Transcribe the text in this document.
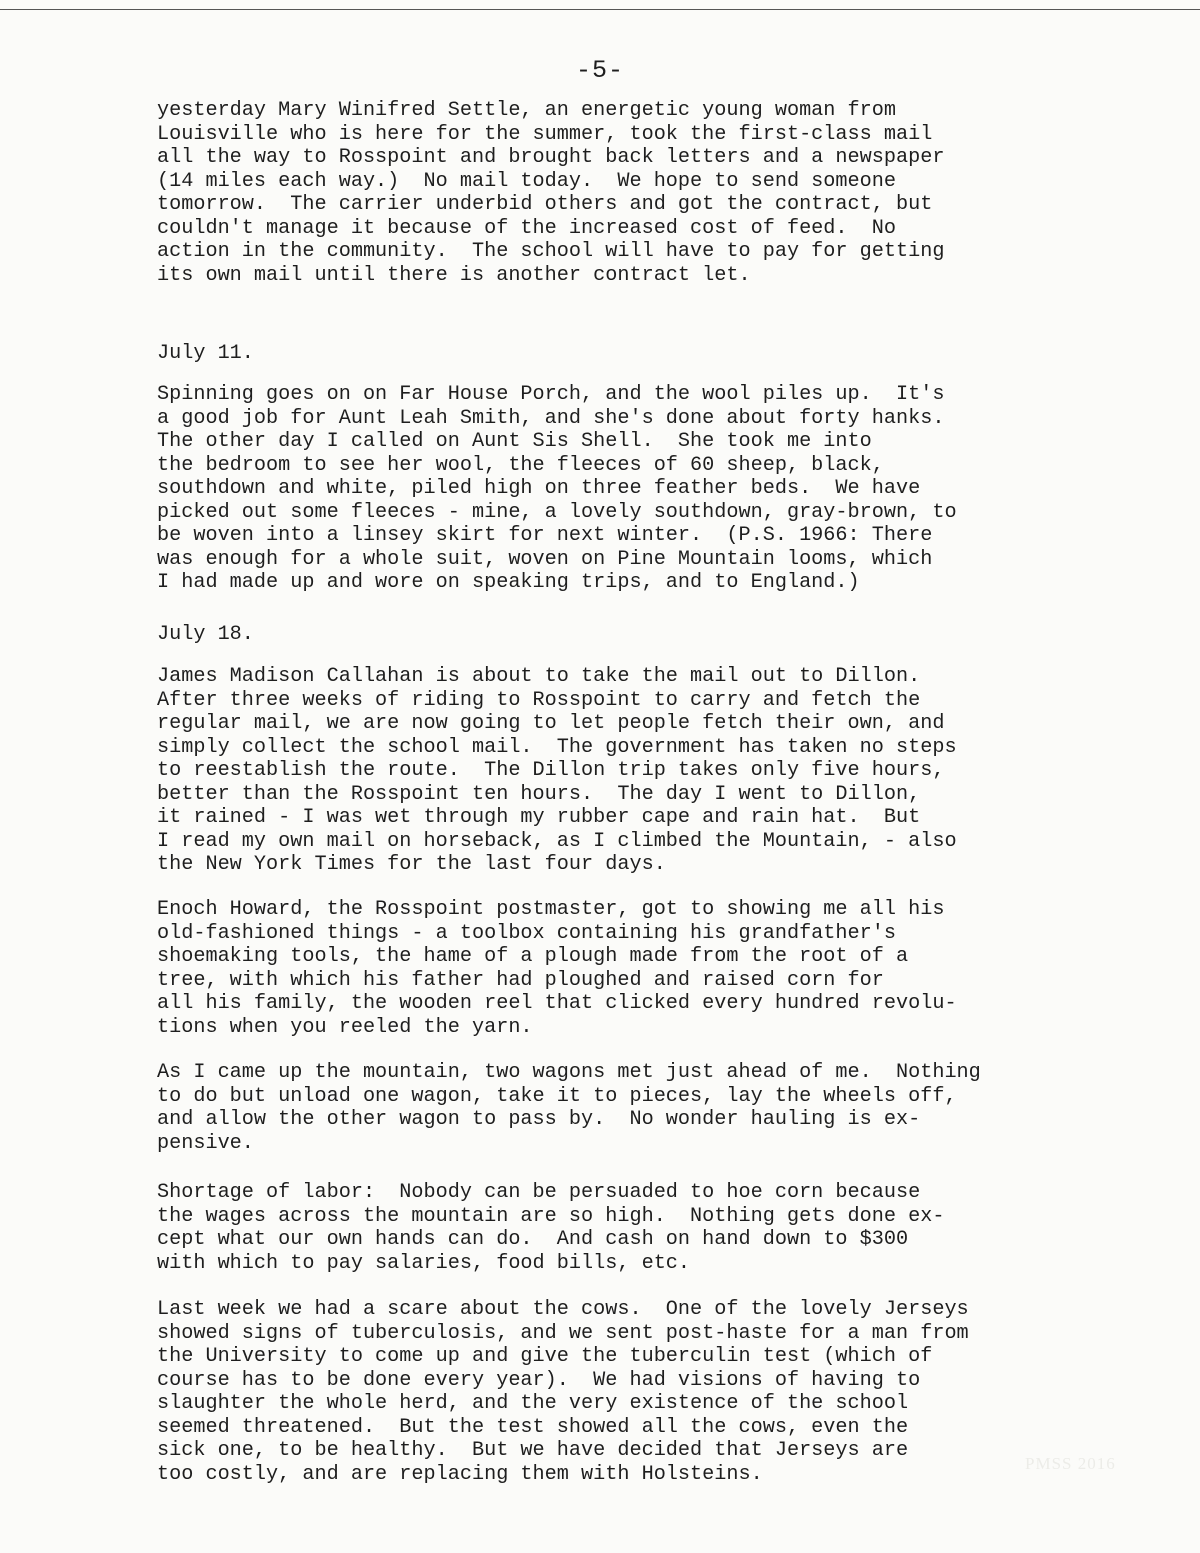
-5-
yesterday Mary Winifred Settle, an energetic young woman from
Louisville who is here for the summer, took the first-class mail
all the way to Rosspoint and brought back letters and a newspaper
(14 miles each way.)  No mail today.  We hope to send someone
tomorrow.  The carrier underbid others and got the contract, but
couldn't manage it because of the increased cost of feed.  No
action in the community.  The school will have to pay for getting
its own mail until there is another contract let.
July 11.
Spinning goes on on Far House Porch, and the wool piles up.  It's
a good job for Aunt Leah Smith, and she's done about forty hanks.
The other day I called on Aunt Sis Shell.  She took me into
the bedroom to see her wool, the fleeces of 60 sheep, black,
southdown and white, piled high on three feather beds.  We have
picked out some fleeces - mine, a lovely southdown, gray-brown, to
be woven into a linsey skirt for next winter.  (P.S. 1966: There
was enough for a whole suit, woven on Pine Mountain looms, which
I had made up and wore on speaking trips, and to England.)
July 18.
James Madison Callahan is about to take the mail out to Dillon.
After three weeks of riding to Rosspoint to carry and fetch the
regular mail, we are now going to let people fetch their own, and
simply collect the school mail.  The government has taken no steps
to reestablish the route.  The Dillon trip takes only five hours,
better than the Rosspoint ten hours.  The day I went to Dillon,
it rained - I was wet through my rubber cape and rain hat.  But
I read my own mail on horseback, as I climbed the Mountain, - also
the New York Times for the last four days.
Enoch Howard, the Rosspoint postmaster, got to showing me all his
old-fashioned things - a toolbox containing his grandfather's
shoemaking tools, the hame of a plough made from the root of a
tree, with which his father had ploughed and raised corn for
all his family, the wooden reel that clicked every hundred revolu-
tions when you reeled the yarn.
As I came up the mountain, two wagons met just ahead of me.  Nothing
to do but unload one wagon, take it to pieces, lay the wheels off,
and allow the other wagon to pass by.  No wonder hauling is ex-
pensive.
Shortage of labor:  Nobody can be persuaded to hoe corn because
the wages across the mountain are so high.  Nothing gets done ex-
cept what our own hands can do.  And cash on hand down to $300
with which to pay salaries, food bills, etc.
Last week we had a scare about the cows.  One of the lovely Jerseys
showed signs of tuberculosis, and we sent post-haste for a man from
the University to come up and give the tuberculin test (which of
course has to be done every year).  We had visions of having to
slaughter the whole herd, and the very existence of the school
seemed threatened.  But the test showed all the cows, even the
sick one, to be healthy.  But we have decided that Jerseys are
too costly, and are replacing them with Holsteins.	PMSS 2016
